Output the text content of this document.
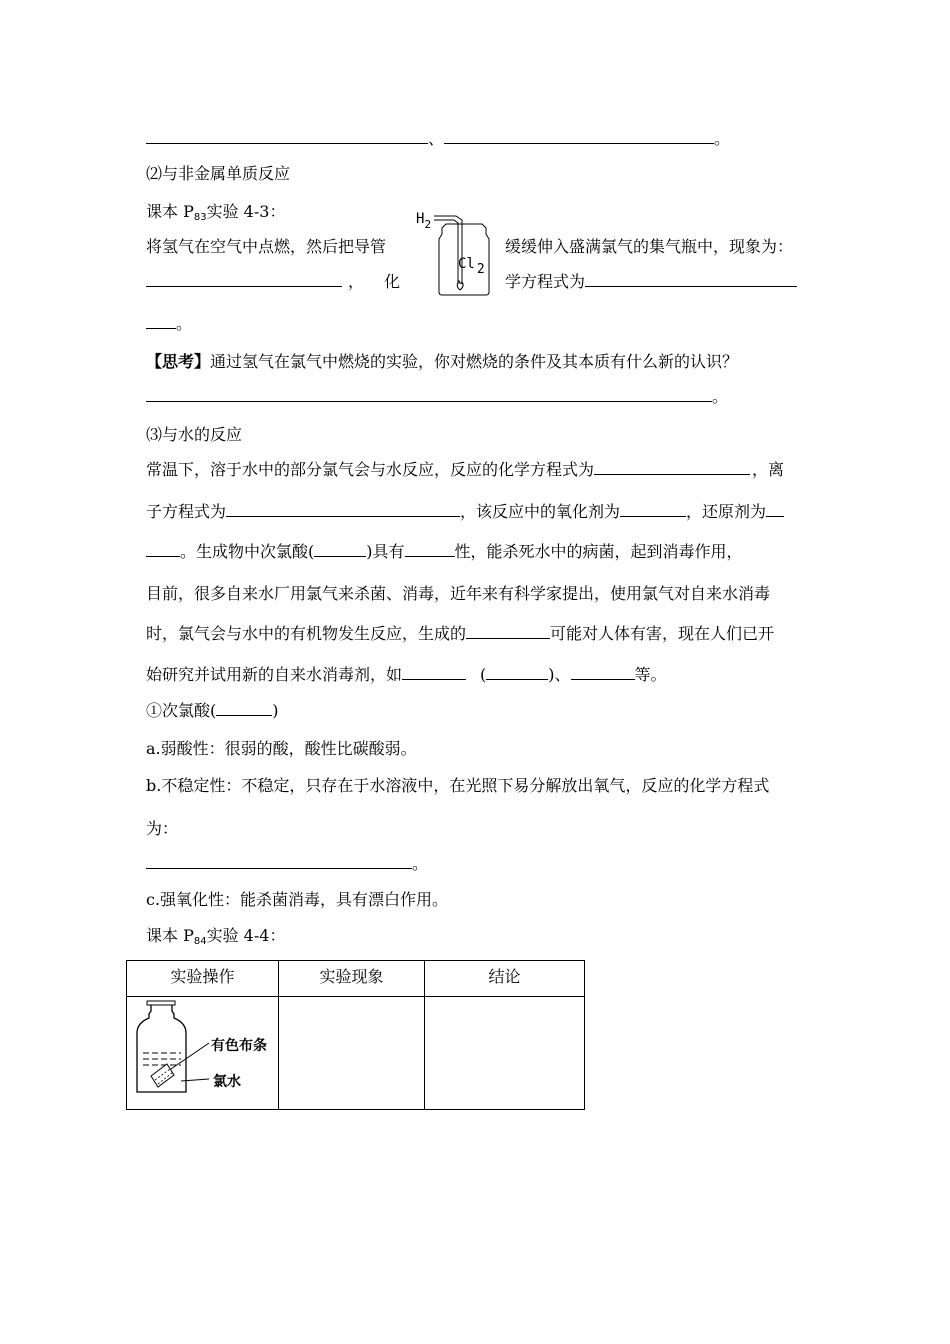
、	。
⑵与非金属单质反应
课本 $P_{83}$实验 4-3：
将氢气在空气中点燃，然后把导管	缓缓伸入盛满氯气的集气瓶中，现象为：
， 化	学方程式为
。
$H_2$
Cl 2
【思考】通过氢气在氯气中燃烧的实验，你对燃烧的条件及其本质有什么新的认识？
。
⑶与水的反应
常温下，溶于水中的部分氯气会与水反应，反应的化学方程式为	，离
子方程式为	，该反应中的氧化剂为	，还原剂为
。生成物中次氯酸(	)具有	性，能杀死水中的病菌，起到消毒作用，
目前，很多自来水厂用氯气来杀菌、消毒，近年来有科学家提出，使用氯气对自来水消毒
时，氯气会与水中的有机物发生反应，生成的	可能对人体有害，现在人们已开
始研究并试用新的自来水消毒剂，如	(	)、	等。
①次氯酸(	)
a.弱酸性：很弱的酸，酸性比碳酸弱。
b.不稳定性：不稳定，只存在于水溶液中，在光照下易分解放出氧气，反应的化学方程式
为：
。
c.强氧化性：能杀菌消毒，具有漂白作用。
课本 $P_{84}$实验 4-4：
实验操作	实验现象	结论

有色布条
氯水		
